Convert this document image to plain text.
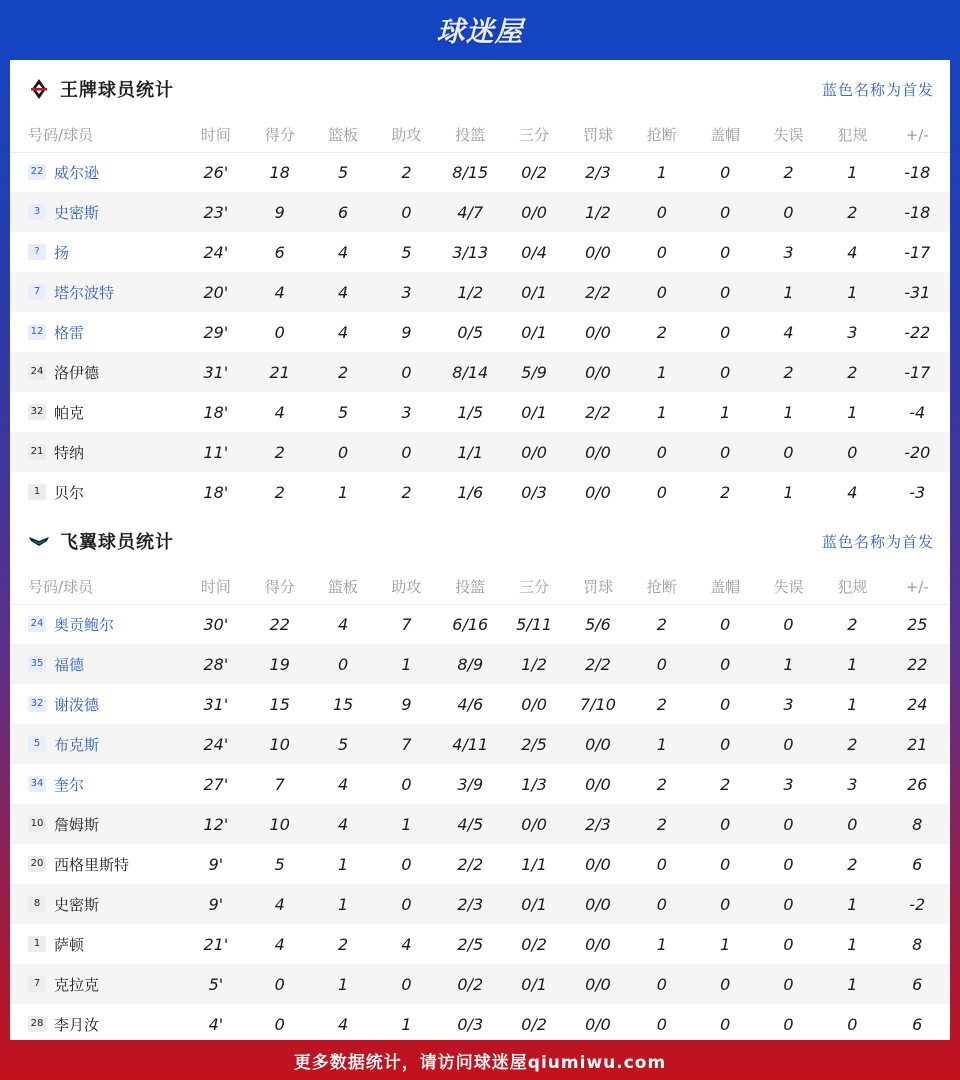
球迷屋
王牌球员统计	蓝色名称为首发
号码/球员	时间	得分	篮板	助攻	投篮	三分	罚球	抢断	盖帽	失误	犯规	+/-
22 威尔逊	26'	18	5	2	8/15	0/2	2/3	1	0	2	1	-18
3 史密斯	23'	9	6	0	4/7	0/0	1/2	0	0	0	2	-18
? 扬	24'	6	4	5	3/13	0/4	0/0	0	0	3	4	-17
7 塔尔波特	20'	4	4	3	1/2	0/1	2/2	0	0	1	1	-31
12 格雷	29'	0	4	9	0/5	0/1	0/0	2	0	4	3	-22
24 洛伊德	31'	21	2	0	8/14	5/9	0/0	1	0	2	2	-17
32 帕克	18'	4	5	3	1/5	0/1	2/2	1	1	1	1	-4
21 特纳	11'	2	0	0	1/1	0/0	0/0	0	0	0	0	-20
1 贝尔	18'	2	1	2	1/6	0/3	0/0	0	2	1	4	-3
飞翼球员统计	蓝色名称为首发
号码/球员	时间	得分	篮板	助攻	投篮	三分	罚球	抢断	盖帽	失误	犯规	+/-
24 奥贡鲍尔	30'	22	4	7	6/16	5/11	5/6	2	0	0	2	25
35 福德	28'	19	0	1	8/9	1/2	2/2	0	0	1	1	22
32 谢泼德	31'	15	15	9	4/6	0/0	7/10	2	0	3	1	24
5 布克斯	24'	10	5	7	4/11	2/5	0/0	1	0	0	2	21
34 奎尔	27'	7	4	0	3/9	1/3	0/0	2	2	3	3	26
10 詹姆斯	12'	10	4	1	4/5	0/0	2/3	2	0	0	0	8
20 西格里斯特	9'	5	1	0	2/2	1/1	0/0	0	0	0	2	6
8 史密斯	9'	4	1	0	2/3	0/1	0/0	0	0	0	1	-2
1 萨顿	21'	4	2	4	2/5	0/2	0/0	1	1	0	1	8
7 克拉克	5'	0	1	0	0/2	0/1	0/0	0	0	0	1	6
28 李月汝	4'	0	4	1	0/3	0/2	0/0	0	0	0	0	6
更多数据统计，请访问球迷屋qiumiwu.com
